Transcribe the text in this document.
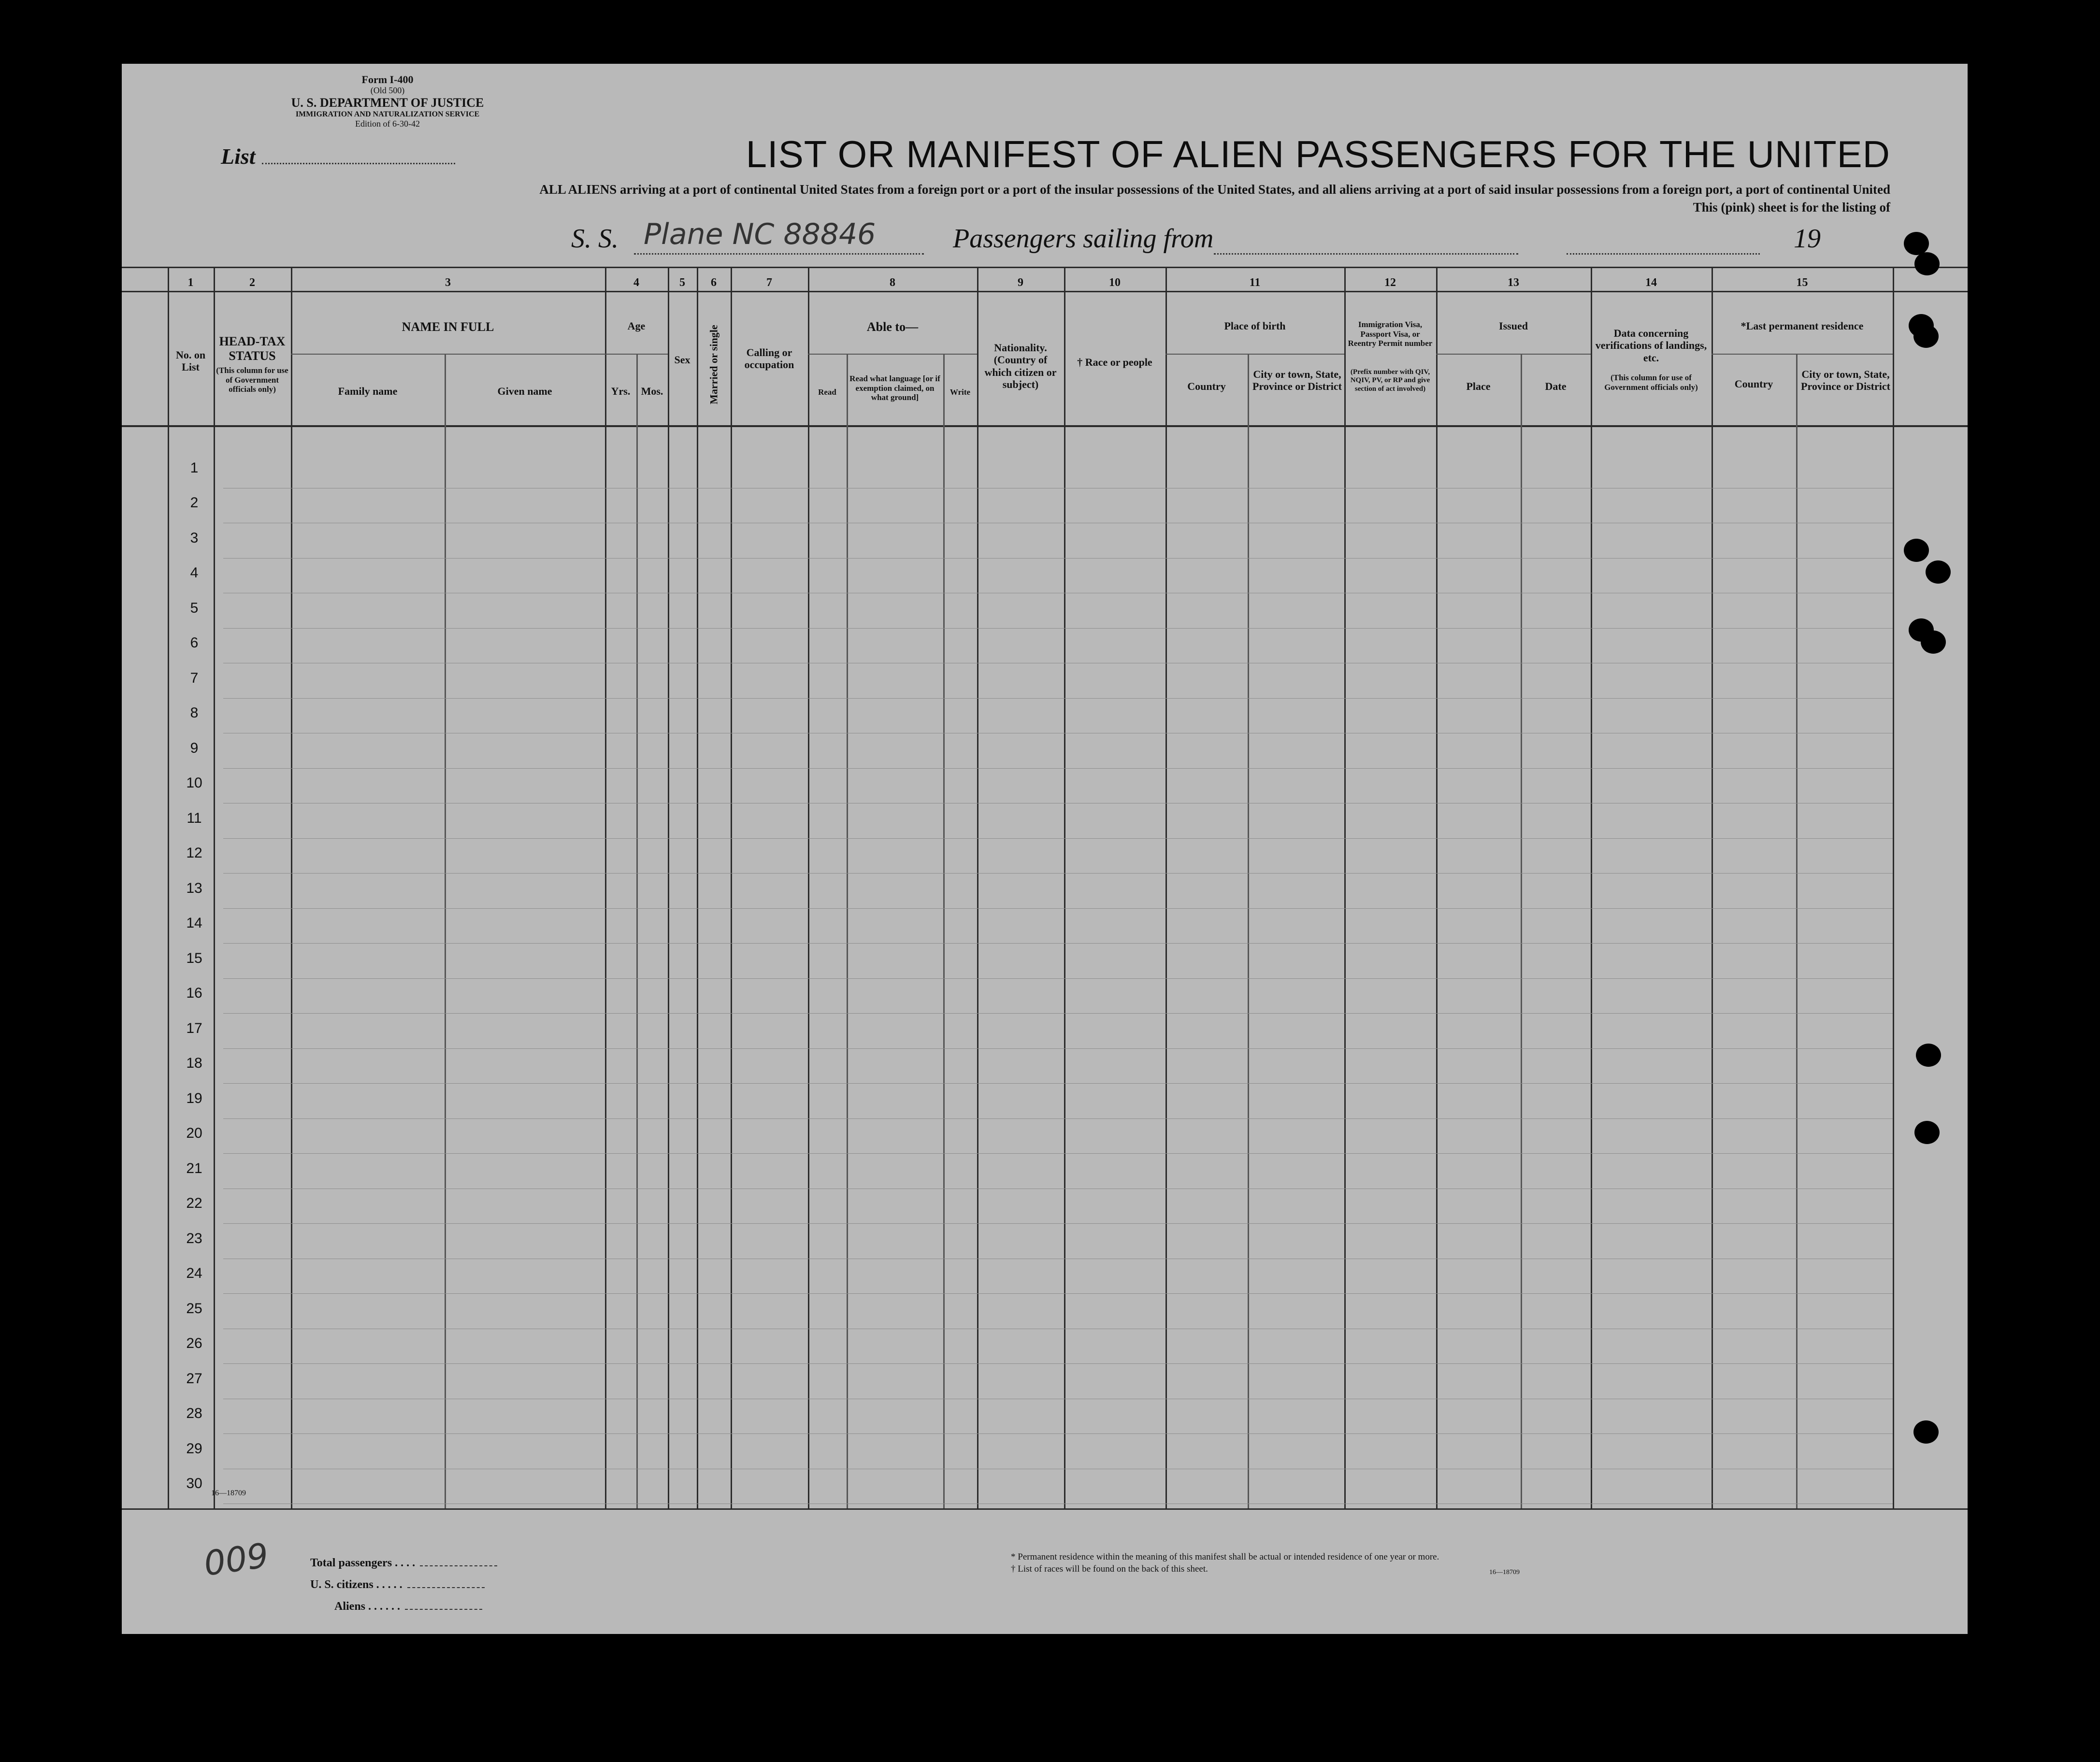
Form I-400
(Old 500)
U. S. DEPARTMENT OF JUSTICE
IMMIGRATION AND NATURALIZATION SERVICE
Edition of 6-30-42
List	LIST OR MANIFEST OF ALIEN PASSENGERS FOR THE UNITED
ALL ALIENS arriving at a port of continental United States from a foreign port or a port of the insular possessions of the United States, and all aliens arriving at a port of said insular possessions from a foreign port, a port of continental United
This (pink) sheet is for the listing of
S. S. Plane NC 88846	Passengers sailing from	19
1	2	3	4	5	6	7	8	9	10	11	12	13	14	15
No. on List
HEAD-TAX STATUS
(This column for use of Government officials only)
NAME IN FULL
Family name	Given name
Age
Yrs.	Mos.
Sex	Married or single	Calling or occupation
Able to—
Read
Read what language [or if exemption claimed, on what ground]
Write
Nationality. (Country of which citizen or subject)
† Race or people
Place of birth
Country
City or town, State, Province or District
Immigration Visa, Passport Visa, or Reentry Permit number
(Prefix number with QIV, NQIV, PV, or RP and give section of act involved)
Issued
Place	Date
Data concerning verifications of landings, etc.
(This column for use of Government officials only)
*Last permanent residence
Country
City or town, State, Province or District
1
2
3
4
5
6
7
8
9
10
11
12
13
14
15
16
17
18
19
20
21
22
23
24
25
26
27
28
29
30
16—18709
009	Total passengers . . . .
U. S. citizens . . . . .
Aliens . . . . . .
* Permanent residence within the meaning of this manifest shall be actual or intended residence of one year or more.
† List of races will be found on the back of this sheet.	16—18709
